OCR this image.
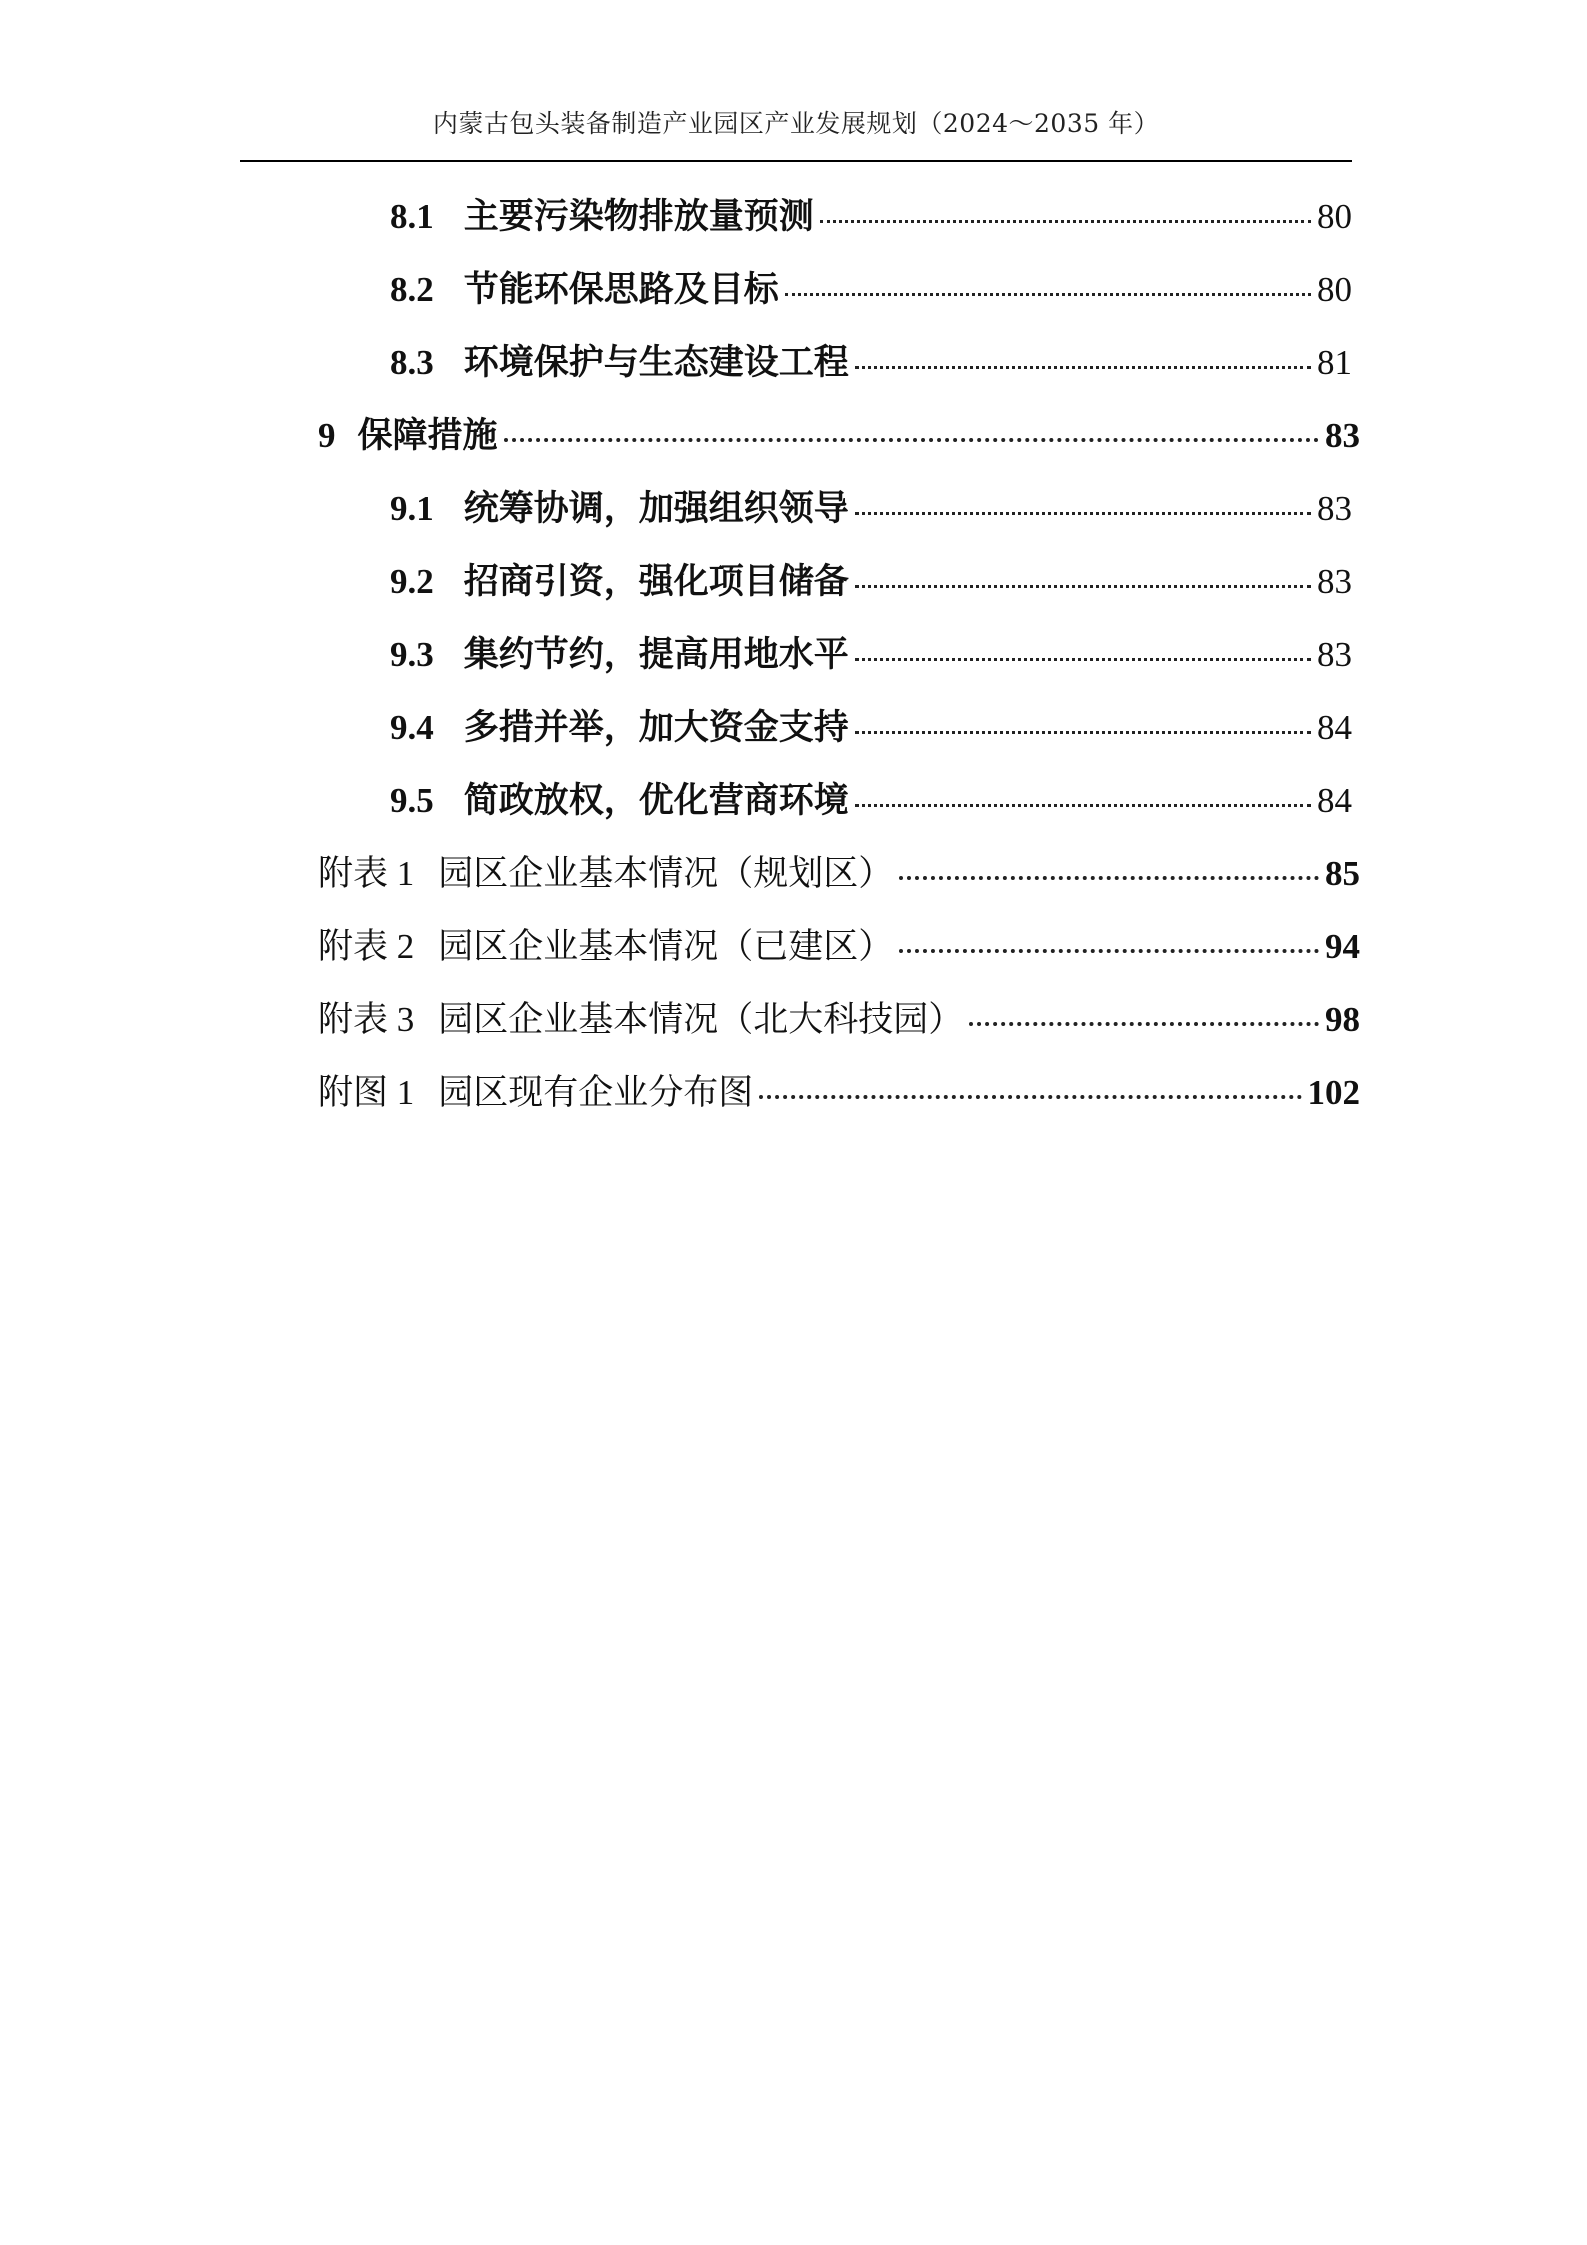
内蒙古包头装备制造产业园区产业发展规划（2024～2035 年）
8.1 主要污染物排放量预测	80
8.2 节能环保思路及目标	80
8.3 环境保护与生态建设工程	81
9 保障措施	83
9.1 统筹协调，加强组织领导	83
9.2 招商引资，强化项目储备	83
9.3 集约节约，提高用地水平	83
9.4 多措并举，加大资金支持	84
9.5 简政放权，优化营商环境	84
附表 1 园区企业基本情况（规划区）	85
附表 2 园区企业基本情况（已建区）	94
附表 3 园区企业基本情况（北大科技园）	98
附图 1 园区现有企业分布图	102
